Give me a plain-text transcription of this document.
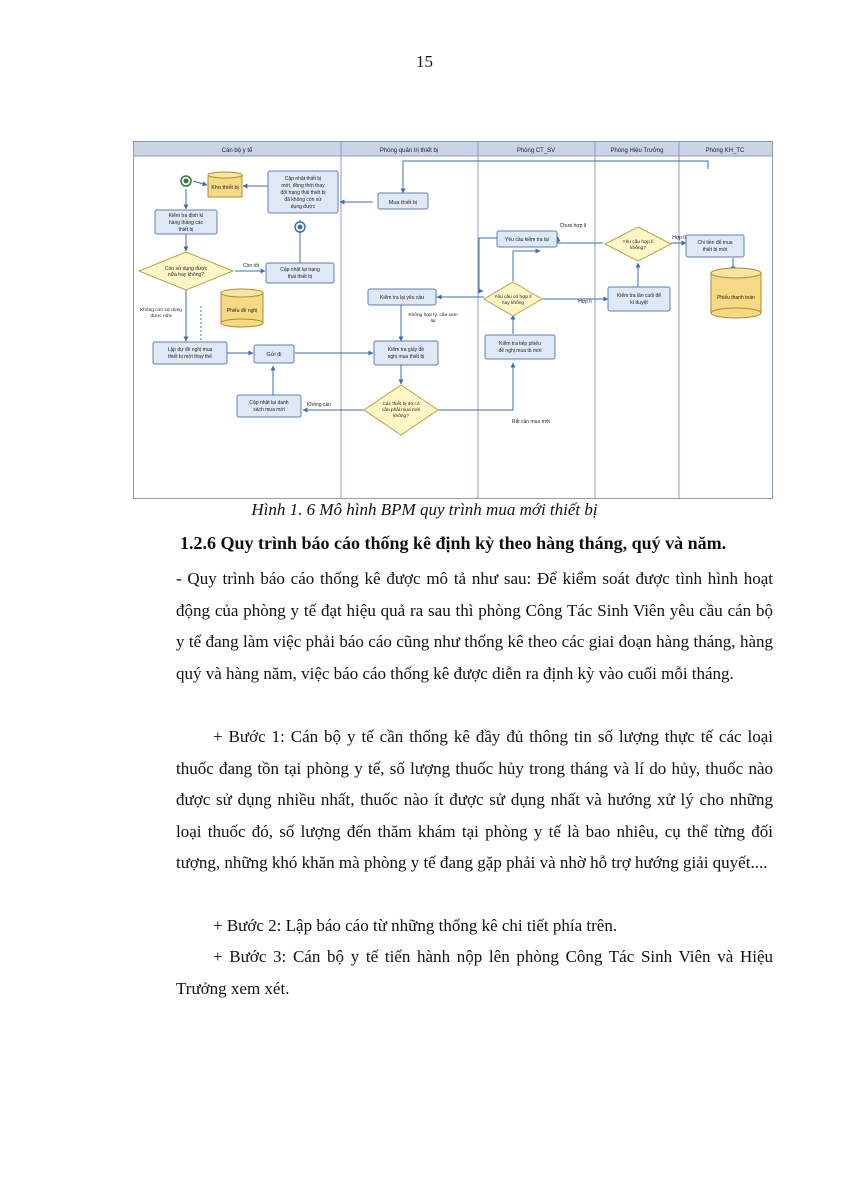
15
Cán bộ y tế	Phòng quản trị thiết bị	Phòng CT_SV	Phòng Hiệu Trưởng	Phòng KH_TC
Kho thiết bị
Kiểm tra định kì
hàng tháng các
thiết bị
Còn sử dụng được
nữa hay không?
Cập nhật thiết bị
mới, đồng thời thay
đổi trạng thái thiết bị
đã không còn sử
dụng được
Cập nhật lại trạng
thái thiết bị
Còn tốt
Không còn sử dụng
được nữa
Phiếu đề nghị
Lập dự đề nghị mua
thiết bị mới thay thế	Gửi đi
Cập nhật lại danh
sách mua mới
Không cần
Mua thiết bị
Kiểm tra lại yêu cầu
Không hợp lý, cần xem
lại
Kiểm tra giấy đề
nghị mua thiết bị
Các thiết bị đó có
cần phải mua mới
không?
Yêu cầu kiểm tra lại
Chưa hợp lí
Yêu cầu có hợp lí
hay không
Kiểm tra tiếp phiếu
đề nghị mua tb mới
Rất cần mua mới
Hợp lí
Yêu cầu hợp lí
không?
Kiểm tra lần cuối để
kí duyệt
Hợp lí
Chi tiền để mua
thiết bị mới
Phiếu thanh toán
Hình 1. 6 Mô hình BPM quy trình mua mới thiết bị
1.2.6 Quy trình báo cáo thống kê định kỳ theo hàng tháng, quý và năm.

- Quy trình báo cáo thống kê được mô tả như sau: Để kiểm soát được tình hình hoạt động của phòng y tế đạt hiệu quả ra sau thì phòng Công Tác Sinh Viên yêu cầu cán bộ y tế đang làm việc phải báo cáo cũng như thống kê theo các giai đoạn hàng tháng, hàng quý và hàng năm, việc báo cáo thống kê được diễn ra định kỳ vào cuối mỗi tháng.

+ Bước 1: Cán bộ y tế cần thống kê đầy đủ thông tin số lượng thực tế các loại thuốc đang tồn tại phòng y tế, số lượng thuốc hủy trong tháng và lí do hủy, thuốc nào được sử dụng nhiều nhất, thuốc nào ít được sử dụng nhất và hướng xử lý cho những loại thuốc đó, số lượng đến thăm khám tại phòng y tế là bao nhiêu, cụ thể từng đối tượng, những khó khăn mà phòng y tế đang gặp phải và nhờ hỗ trợ hướng giải quyết....

+ Bước 2: Lập báo cáo từ những thống kê chi tiết phía trên.

+ Bước 3: Cán bộ y tế tiến hành nộp lên phòng Công Tác Sinh Viên và Hiệu Trưởng xem xét.
